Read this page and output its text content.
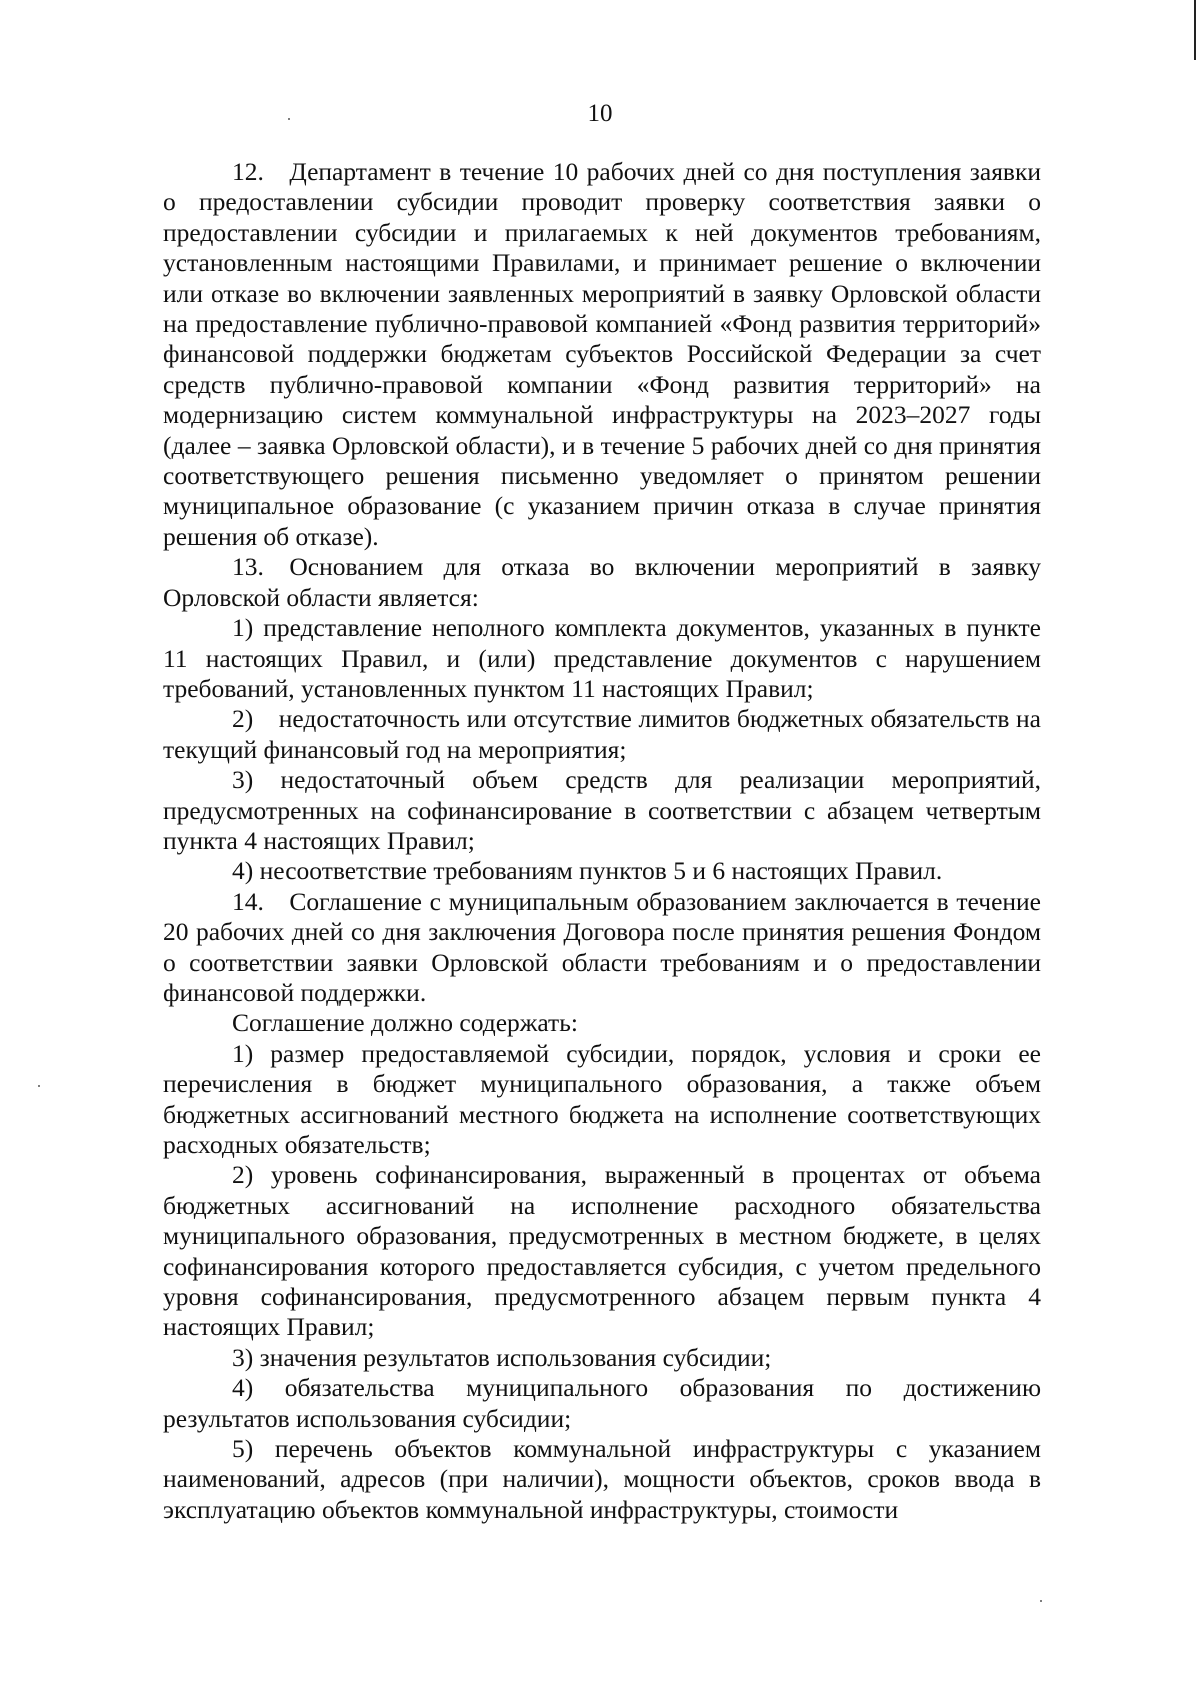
10

12. Департамент в течение 10 рабочих дней со дня поступления заявки о предоставлении субсидии проводит проверку соответствия заявки о предоставлении субсидии и прилагаемых к ней документов требованиям, установленным настоящими Правилами, и принимает решение о включении или отказе во включении заявленных мероприятий в заявку Орловской области на предоставление публично-правовой компанией «Фонд развития территорий» финансовой поддержки бюджетам субъектов Российской Федерации за счет средств публично-правовой компании «Фонд развития территорий» на модернизацию систем коммунальной инфраструктуры на 2023–2027 годы (далее – заявка Орловской области), и в течение 5 рабочих дней со дня принятия соответствующего решения письменно уведомляет о принятом решении муниципальное образование (с указанием причин отказа в случае принятия решения об отказе).

13. Основанием для отказа во включении мероприятий в заявку Орловской области является:

1) представление неполного комплекта документов, указанных в пункте 11 настоящих Правил, и (или) представление документов с нарушением требований, установленных пунктом 11 настоящих Правил;

2) недостаточность или отсутствие лимитов бюджетных обязательств на текущий финансовый год на мероприятия;

3) недостаточный объем средств для реализации мероприятий, предусмотренных на софинансирование в соответствии с абзацем четвертым пункта 4 настоящих Правил;

4) несоответствие требованиям пунктов 5 и 6 настоящих Правил.

14. Соглашение с муниципальным образованием заключается в течение 20 рабочих дней со дня заключения Договора после принятия решения Фондом о соответствии заявки Орловской области требованиям и о предоставлении финансовой поддержки.

Соглашение должно содержать:

1) размер предоставляемой субсидии, порядок, условия и сроки ее перечисления в бюджет муниципального образования, а также объем бюджетных ассигнований местного бюджета на исполнение соответствующих расходных обязательств;

2) уровень софинансирования, выраженный в процентах от объема бюджетных ассигнований на исполнение расходного обязательства муниципального образования, предусмотренных в местном бюджете, в целях софинансирования которого предоставляется субсидия, с учетом предельного уровня софинансирования, предусмотренного абзацем первым пункта 4 настоящих Правил;

3) значения результатов использования субсидии;

4) обязательства муниципального образования по достижению результатов использования субсидии;

5) перечень объектов коммунальной инфраструктуры с указанием наименований, адресов (при наличии), мощности объектов, сроков ввода в эксплуатацию объектов коммунальной инфраструктуры, стоимости
